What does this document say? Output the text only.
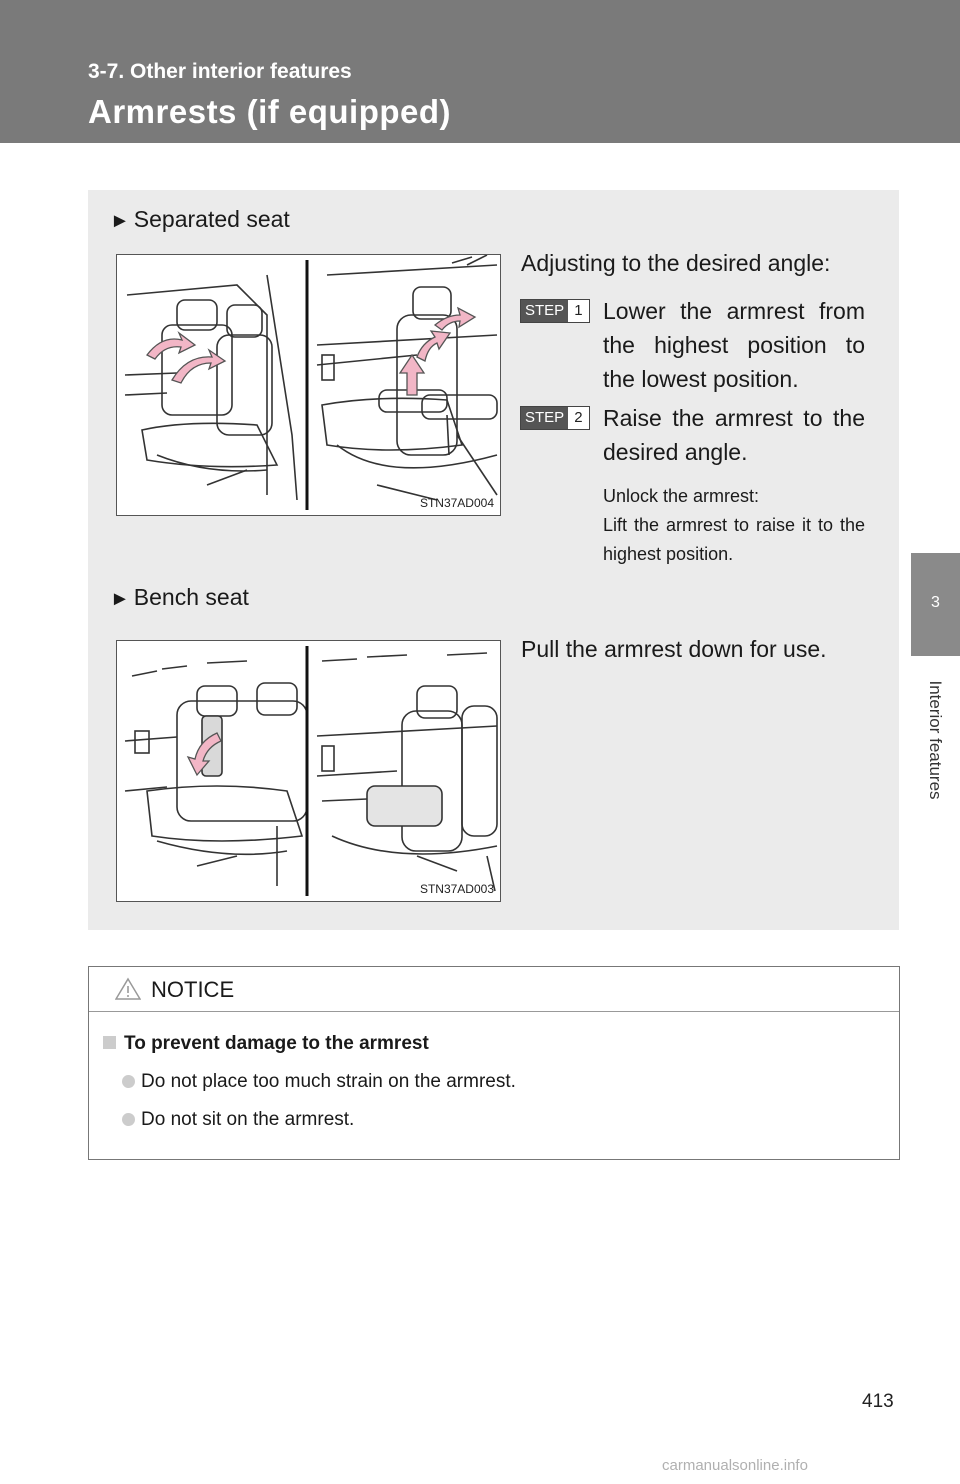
3-7. Other interior features
Armrests (if equipped)
3
Interior features
► Separated seat
STN37AD004
Adjusting to the desired angle:
STEP 1 Lower the armrest from the highest position to the lowest position.
STEP 2 Raise the armrest to the desired angle.
Unlock the armrest:
Lift the armrest to raise it to the highest position.
► Bench seat
STN37AD003
Pull the armrest down for use.
NOTICE
To prevent damage to the armrest
Do not place too much strain on the armrest.
Do not sit on the armrest.
413
carmanualsonline.info
